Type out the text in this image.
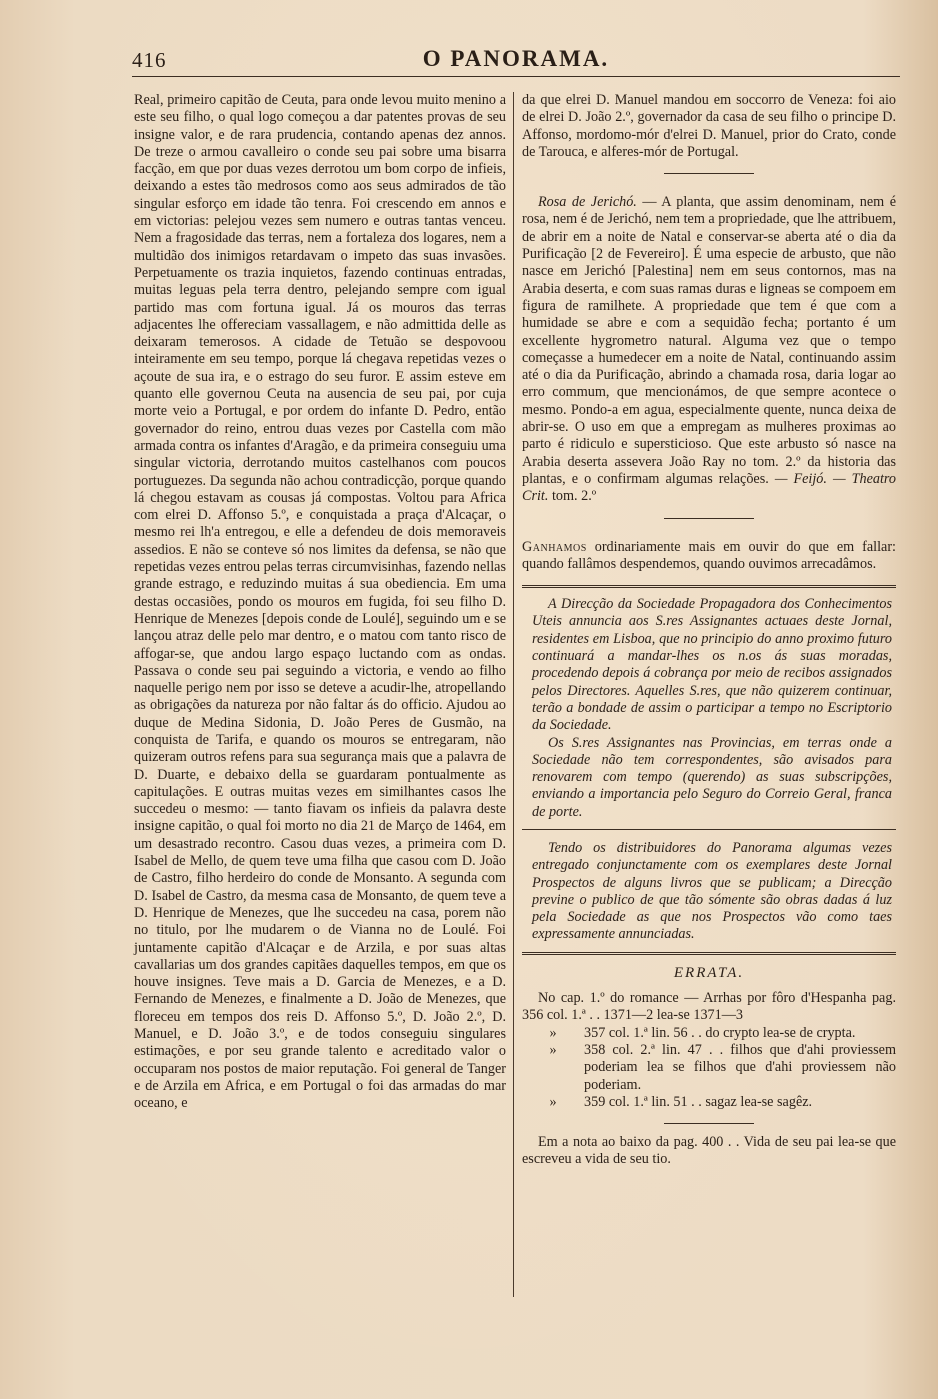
416	O PANORAMA.

Real, primeiro capitão de Ceuta, para onde levou muito menino a este seu filho, o qual logo começou a dar patentes provas de seu insigne valor, e de rara prudencia, contando apenas dez annos. De treze o armou cavalleiro o conde seu pai sobre uma bisarra facção, em que por duas vezes derrotou um bom corpo de infieis, deixando a estes tão medrosos como aos seus admirados de tão singular esforço em idade tão tenra. Foi crescendo em annos e em victorias: pelejou vezes sem numero e outras tantas venceu. Nem a fragosidade das terras, nem a fortaleza dos logares, nem a multidão dos inimigos retardavam o impeto das suas invasões. Perpetuamente os trazia inquietos, fazendo continuas entradas, muitas leguas pela terra dentro, pelejando sempre com igual partido mas com fortuna igual. Já os mouros das terras adjacentes lhe offereciam vassallagem, e não admittida delle as deixaram temerosos. A cidade de Tetuão se despovoou inteiramente em seu tempo, porque lá chegava repetidas vezes o açoute de sua ira, e o estrago do seu furor. E assim esteve em quanto elle governou Ceuta na ausencia de seu pai, por cuja morte veio a Portugal, e por ordem do infante D. Pedro, então governador do reino, entrou duas vezes por Castella com mão armada contra os infantes d'Aragão, e da primeira conseguiu uma singular victoria, derrotando muitos castelhanos com poucos portuguezes. Da segunda não achou contradicção, porque quando lá chegou estavam as cousas já compostas. Voltou para Africa com elrei D. Affonso 5.º, e conquistada a praça d'Alcaçar, o mesmo rei lh'a entregou, e elle a defendeu de dois memoraveis assedios. E não se conteve só nos limites da defensa, se não que repetidas vezes entrou pelas terras circumvisinhas, fazendo nellas grande estrago, e reduzindo muitas á sua obediencia. Em uma destas occasiões, pondo os mouros em fugida, foi seu filho D. Henrique de Menezes [depois conde de Loulé], seguindo um e se lançou atraz delle pelo mar dentro, e o matou com tanto risco de affogar-se, que andou largo espaço luctando com as ondas. Passava o conde seu pai seguindo a victoria, e vendo ao filho naquelle perigo nem por isso se deteve a acudir-lhe, atropellando as obrigações da natureza por não faltar ás do officio. Ajudou ao duque de Medina Sidonia, D. João Peres de Gusmão, na conquista de Tarifa, e quando os mouros se entregaram, não quizeram outros refens para sua segurança mais que a palavra de D. Duarte, e debaixo della se guardaram pontualmente as capitulações. E outras muitas vezes em similhantes casos lhe succedeu o mesmo: — tanto fiavam os infieis da palavra deste insigne capitão, o qual foi morto no dia 21 de Março de 1464, em um desastrado recontro. Casou duas vezes, a primeira com D. Isabel de Mello, de quem teve uma filha que casou com D. João de Castro, filho herdeiro do conde de Monsanto. A segunda com D. Isabel de Castro, da mesma casa de Monsanto, de quem teve a D. Henrique de Menezes, que lhe succedeu na casa, porem não no titulo, por lhe mudarem o de Vianna no de Loulé. Foi juntamente capitão d'Alcaçar e de Arzila, e por suas altas cavallarias um dos grandes capitães daquelles tempos, em que os houve insignes. Teve mais a D. Garcia de Menezes, e a D. Fernando de Menezes, e finalmente a D. João de Menezes, que floreceu em tempos dos reis D. Affonso 5.º, D. João 2.º, D. Manuel, e D. João 3.º, e de todos conseguiu singulares estimações, e por seu grande talento e acreditado valor o occuparam nos postos de maior reputação. Foi general de Tanger e de Arzila em Africa, e em Portugal o foi das armadas do mar oceano, e

da que elrei D. Manuel mandou em soccorro de Veneza: foi aio de elrei D. João 2.º, governador da casa de seu filho o principe D. Affonso, mordomo-mór d'elrei D. Manuel, prior do Crato, conde de Tarouca, e alferes-mór de Portugal.

Rosa de Jerichó. — A planta, que assim denominam, nem é rosa, nem é de Jerichó, nem tem a propriedade, que lhe attribuem, de abrir em a noite de Natal e conservar-se aberta até o dia da Purificação [2 de Fevereiro]. É uma especie de arbusto, que não nasce em Jerichó [Palestina] nem em seus contornos, mas na Arabia deserta, e com suas ramas duras e ligneas se compoem em figura de ramilhete. A propriedade que tem é que com a humidade se abre e com a sequidão fecha; portanto é um excellente hygrometro natural. Alguma vez que o tempo começasse a humedecer em a noite de Natal, continuando assim até o dia da Purificação, abrindo a chamada rosa, daria logar ao erro commum, que mencionámos, de que sempre acontece o mesmo. Pondo-a em agua, especialmente quente, nunca deixa de abrir-se. O uso em que a empregam as mulheres proximas ao parto é ridiculo e supersticioso. Que este arbusto só nasce na Arabia deserta assevera João Ray no tom. 2.º da historia das plantas, e o confirmam algumas relações. — Feijó. — Theatro Crit. tom. 2.º

Ganhamos ordinariamente mais em ouvir do que em fallar: quando fallâmos despendemos, quando ouvimos arrecadâmos.

A Direcção da Sociedade Propagadora dos Conhecimentos Uteis annuncia aos S.res Assignantes actuaes deste Jornal, residentes em Lisboa, que no principio do anno proximo futuro continuará a mandar-lhes os n.os ás suas moradas, procedendo depois á cobrança por meio de recibos assignados pelos Directores. Aquelles S.res, que não quizerem continuar, terão a bondade de assim o participar a tempo no Escriptorio da Sociedade.

Os S.res Assignantes nas Provincias, em terras onde a Sociedade não tem correspondentes, são avisados para renovarem com tempo (querendo) as suas subscripções, enviando a importancia pelo Seguro do Correio Geral, franca de porte.

Tendo os distribuidores do Panorama algumas vezes entregado conjunctamente com os exemplares deste Jornal Prospectos de alguns livros que se publicam; a Direcção previne o publico de que tão sómente são obras dadas á luz pela Sociedade as que nos Prospectos vão como taes expressamente annunciadas.

ERRATA.

No cap. 1.º do romance — Arrhas por fôro d'Hespanha pag. 356 col. 1.ª . . 1371—2 lea-se 1371—3

»	357 col. 1.ª lin. 56 . . do crypto lea-se de crypta.
»	358 col. 2.ª lin. 47 . . filhos que d'ahi proviessem poderiam lea se filhos que d'ahi proviessem não poderiam.
»	359 col. 1.ª lin. 51 . . sagaz lea-se sagêz.

Em a nota ao baixo da pag. 400 . . Vida de seu pai lea-se que escreveu a vida de seu tio.
